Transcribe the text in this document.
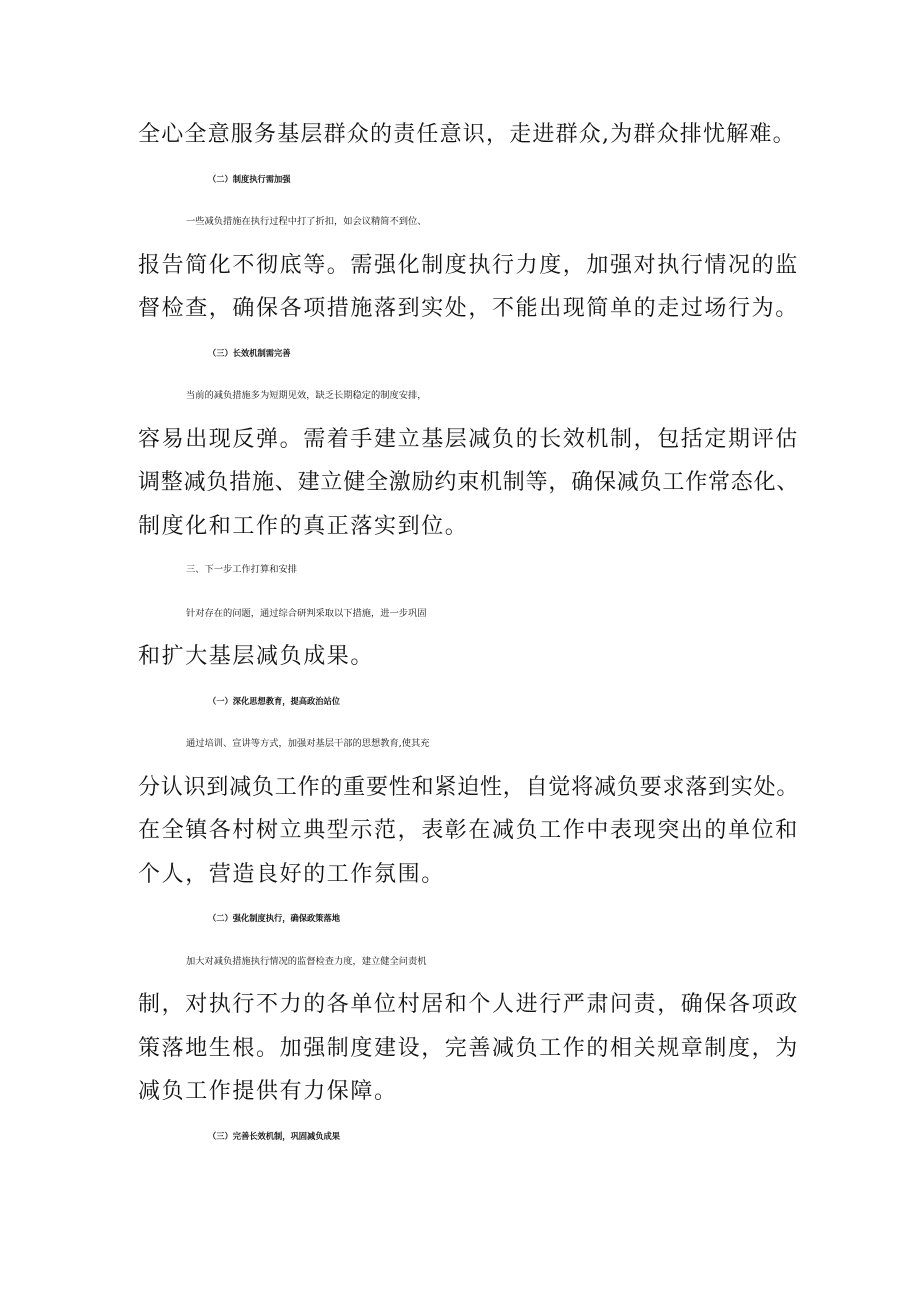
全心全意服务基层群众的责任意识，走进群众,为群众排忧解难。
（二）制度执行需加强
一些减负措施在执行过程中打了折扣，如会议精简不到位、
报告简化不彻底等。需强化制度执行力度，加强对执行情况的监
督检查，确保各项措施落到实处，不能出现简单的走过场行为。
（三）长效机制需完善
当前的减负措施多为短期见效，缺乏长期稳定的制度安排，
容易出现反弹。需着手建立基层减负的长效机制，包括定期评估
调整减负措施、建立健全激励约束机制等，确保减负工作常态化、
制度化和工作的真正落实到位。
三、下一步工作打算和安排
针对存在的问题，通过综合研判采取以下措施，进一步巩固
和扩大基层减负成果。
（一）深化思想教育，提高政治站位
通过培训、宣讲等方式，加强对基层干部的思想教育,使其充
分认识到减负工作的重要性和紧迫性，自觉将减负要求落到实处。
在全镇各村树立典型示范，表彰在减负工作中表现突出的单位和
个人，营造良好的工作氛围。
（二）强化制度执行，确保政策落地
加大对减负措施执行情况的监督检查力度，建立健全问责机
制，对执行不力的各单位村居和个人进行严肃问责，确保各项政
策落地生根。加强制度建设，完善减负工作的相关规章制度，为
减负工作提供有力保障。
（三）完善长效机制，巩固减负成果
